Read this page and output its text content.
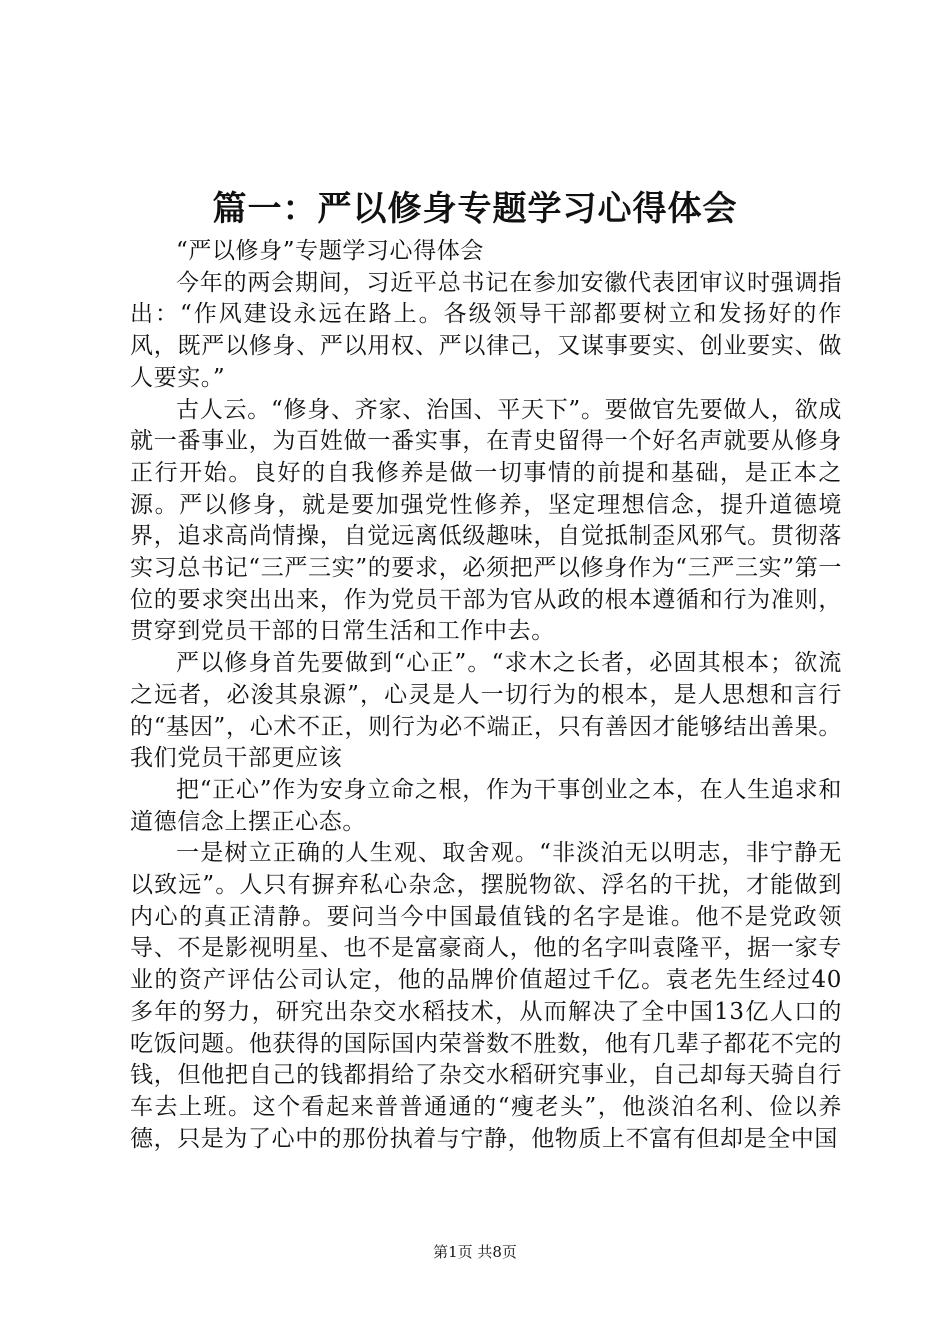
篇一：严以修身专题学习心得体会

“严以修身”专题学习心得体会

今年的两会期间，习近平总书记在参加安徽代表团审议时强调指出：“作风建设永远在路上。各级领导干部都要树立和发扬好的作风，既严以修身、严以用权、严以律己，又谋事要实、创业要实、做人要实。”

古人云。“修身、齐家、治国、平天下”。要做官先要做人，欲成就一番事业，为百姓做一番实事，在青史留得一个好名声就要从修身正行开始。良好的自我修养是做一切事情的前提和基础，是正本之源。严以修身，就是要加强党性修养，坚定理想信念，提升道德境界，追求高尚情操，自觉远离低级趣味，自觉抵制歪风邪气。贯彻落实习总书记“三严三实”的要求，必须把严以修身作为“三严三实”第一位的要求突出出来，作为党员干部为官从政的根本遵循和行为准则，贯穿到党员干部的日常生活和工作中去。

严以修身首先要做到“心正”。“求木之长者，必固其根本；欲流之远者，必浚其泉源”，心灵是人一切行为的根本，是人思想和言行的“基因”，心术不正，则行为必不端正，只有善因才能够结出善果。我们党员干部更应该

把“正心”作为安身立命之根，作为干事创业之本，在人生追求和道德信念上摆正心态。

一是树立正确的人生观、取舍观。“非淡泊无以明志，非宁静无以致远”。人只有摒弃私心杂念，摆脱物欲、浮名的干扰，才能做到内心的真正清静。要问当今中国最值钱的名字是谁。他不是党政领导、不是影视明星、也不是富豪商人，他的名字叫袁隆平，据一家专业的资产评估公司认定，他的品牌价值超过千亿。袁老先生经过40多年的努力，研究出杂交水稻技术，从而解决了全中国13亿人口的吃饭问题。他获得的国际国内荣誉数不胜数，他有几辈子都花不完的钱，但他把自己的钱都捐给了杂交水稻研究事业，自己却每天骑自行车去上班。这个看起来普普通通的“瘦老头”，他淡泊名利、俭以养德，只是为了心中的那份执着与宁静，他物质上不富有但却是全中国

第1页 共8页
